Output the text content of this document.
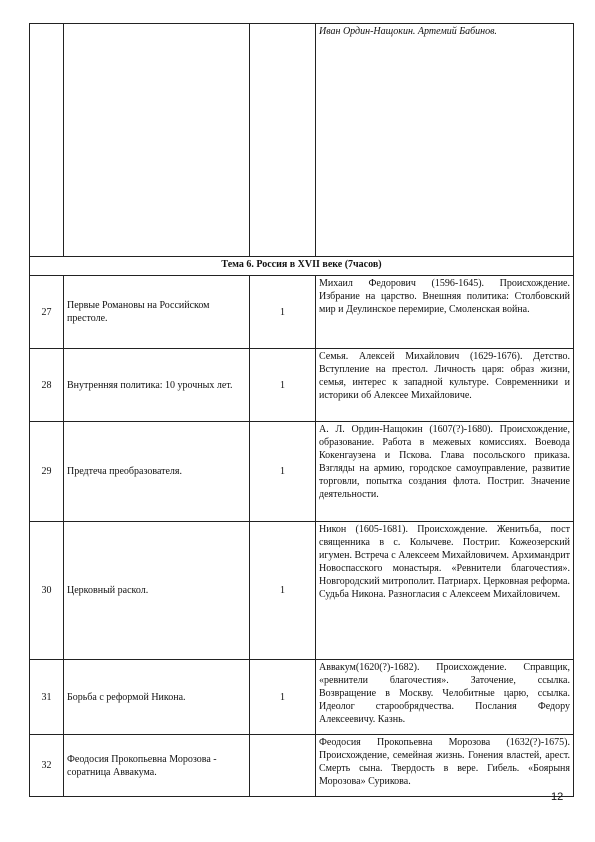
			Иван Ордин-Нащокин. Артемий Бабинов.
Тема 6. Россия в XVII веке (7часов)			
27	Первые Романовы на Российском престоле.	1	Михаил Федорович (1596-1645). Происхождение. Избрание на царство. Внешняя политика: Столбовский мир и Деулинское перемирие, Смоленская война.
28	Внутренняя политика: 10 урочных лет.	1	Семья. Алексей Михайлович (1629-1676). Детство. Вступление на престол. Личность царя: образ жизни, семья, интерес к западной культуре. Современники и историки об Алексее Михайловиче.
29	Предтеча преобразователя.	1	А. Л. Ордин-Нащокин (1607(?)-1680). Происхождение, образование. Работа в межевых комиссиях. Воевода Кокенгаузена и Пскова. Глава посольского приказа. Взгляды на армию, городское самоуправление, развитие торговли, попытка создания флота. Постриг. Значение деятельности.
30	Церковный раскол.	1	Никон (1605-1681). Происхождение. Женитьба, пост священника в с. Колычеве. Постриг. Кожеозерский игумен. Встреча с Алексеем Михайловичем. Архимандрит Новоспасского монастыря. «Ревнители благочестия». Новгородский митрополит. Патриарх. Церковная реформа. Судьба Никона. Разногласия с Алексеем Михайловичем.
31	Борьба с реформой Никона.	1	Аввакум(1620(?)-1682). Происхождение. Справщик, «ревнители благочестия». Заточение, ссылка. Возвращение в Москву. Челобитные царю, ссылка. Идеолог старообрядчества. Послания Федору Алексеевичу. Казнь.
32	Феодосия Прокопьевна Морозова - соратница Аввакума.		Феодосия Прокопьевна Морозова (1632(?)-1675). Происхождение, семейная жизнь. Гонения властей, арест. Смерть сына. Твердость в вере. Гибель. «Боярыня Морозова» Сурикова.
12
